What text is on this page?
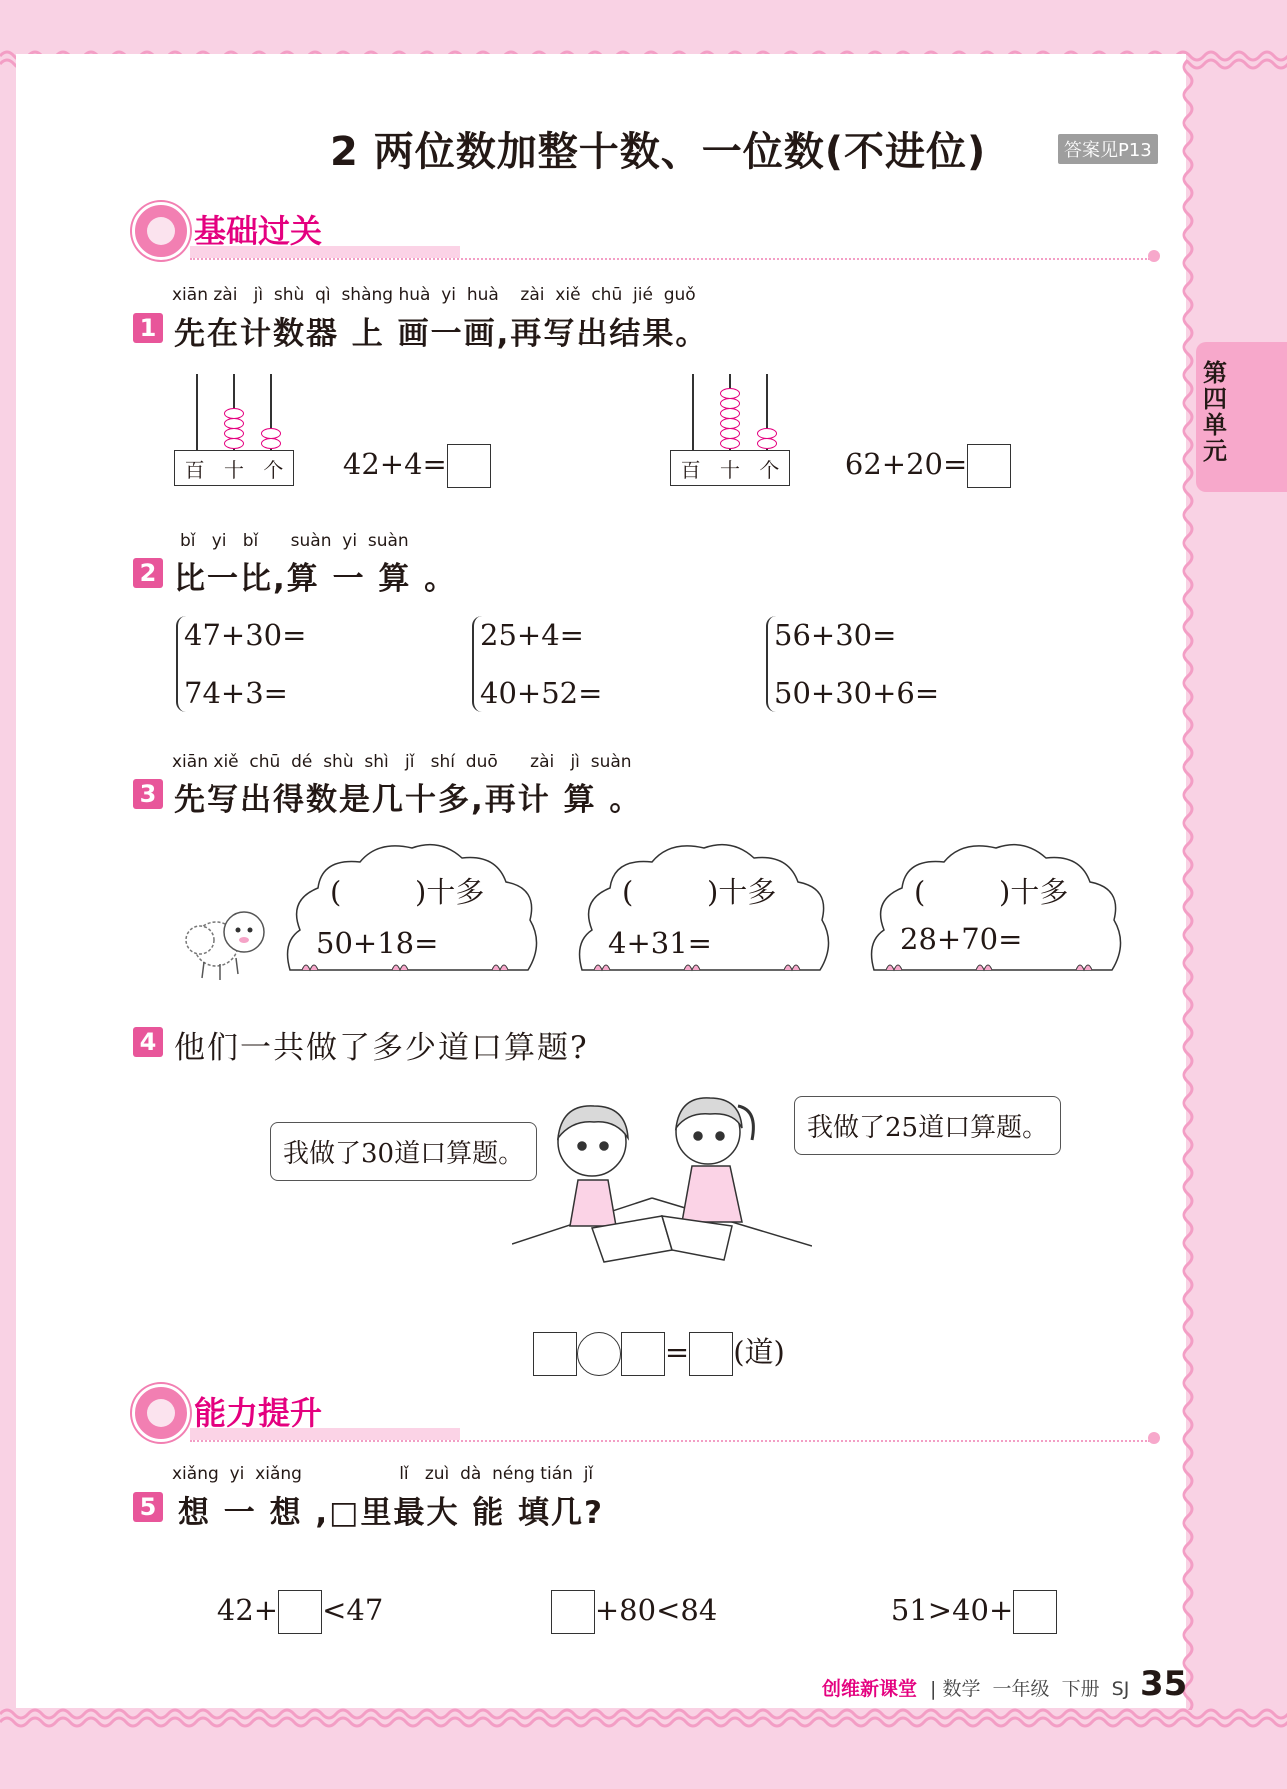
2 两位数加整十数、一位数(不进位)	答案见P13
第
四
单
元
基础过关
xiān zài   jì  shù  qì  shàng huà  yi  huà    zài  xiě  chū  jié  guǒ
1 先在计数器 上 画一画,再写出结果。
百 十 个	42+4=
	百 十 个	62+20=

bǐ   yi   bǐ      suàn  yi  suàn
2 比一比,算 一 算 。
47+30=
74+3=
25+4=
40+52=
56+30=
50+30+6=
xiān xiě  chū  dé  shù  shì   jǐ   shí  duō      zài   jì  suàn
3 先写出得数是几十多,再计 算 。
(        )十多
50+18=
(        )十多
4+31=
(        )十多
28+70=
4 他们一共做了多少道口算题?
我做了30道口算题。
我做了25道口算题。

= (道)

能力提升
xiǎng  yi  xiǎng                  lǐ   zuì  dà  néng tián  jǐ
5 想 一 想 ,□里最大 能 填几?

42+ <47
	+80<84
	51>40+

创维新课堂 | 数学  一年级  下册  SJ 35
